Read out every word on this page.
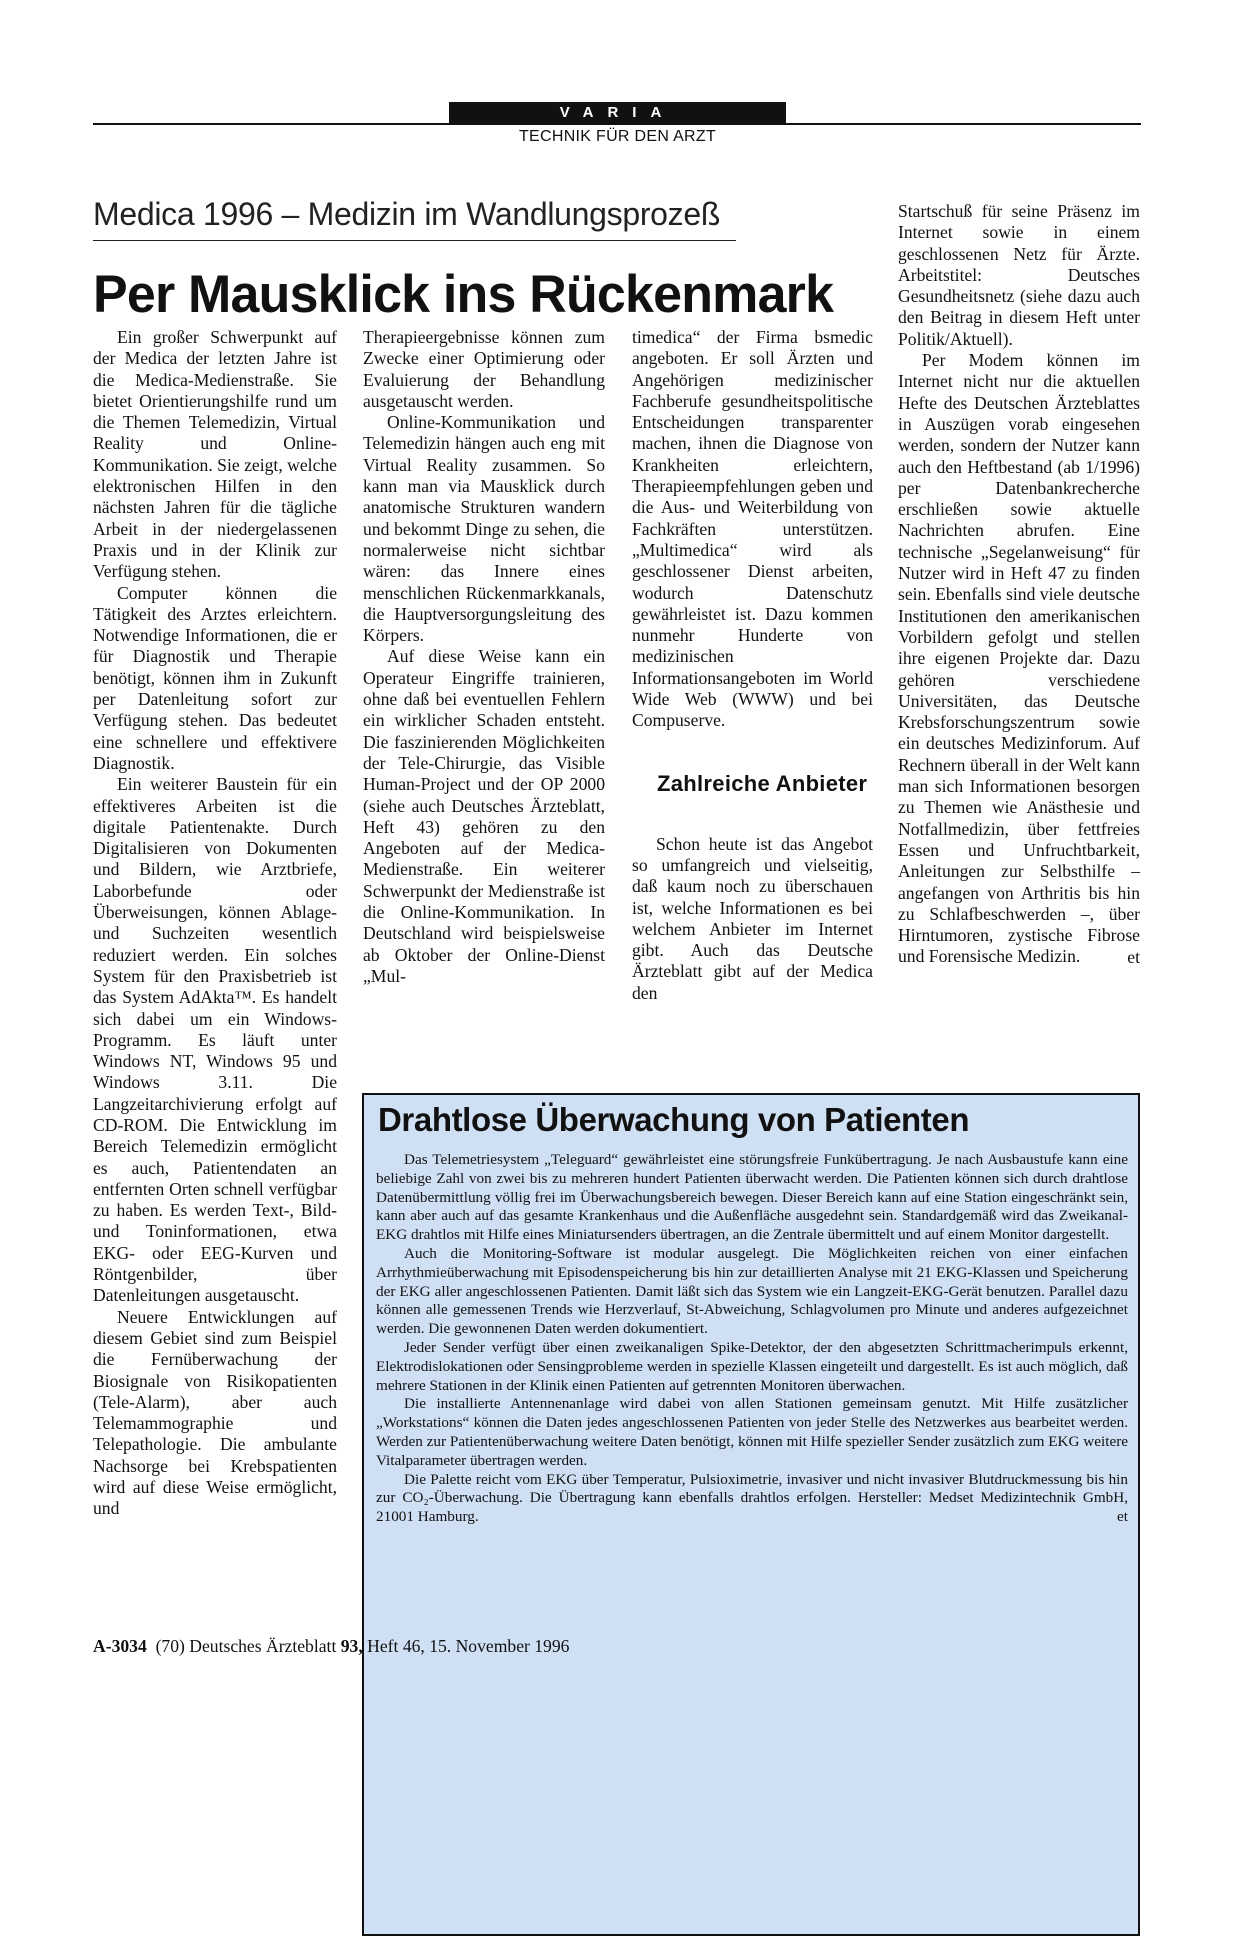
VARIA
TECHNIK FÜR DEN ARZT
Medica 1996 – Medizin im Wandlungsprozeß
Per Mausklick ins Rückenmark

Ein großer Schwerpunkt auf der Medica der letzten Jahre ist die Medica-Medienstraße. Sie bietet Orientierungshilfe rund um die Themen Telemedizin, Virtual Reality und Online-Kommunikation. Sie zeigt, welche elektronischen Hilfen in den nächsten Jahren für die tägliche Arbeit in der niedergelassenen Praxis und in der Klinik zur Verfügung stehen.

Computer können die Tätigkeit des Arztes erleichtern. Notwendige Informationen, die er für Diagnostik und Therapie benötigt, können ihm in Zukunft per Datenleitung sofort zur Verfügung stehen. Das bedeutet eine schnellere und effektivere Diagnostik.

Ein weiterer Baustein für ein effektiveres Arbeiten ist die digitale Patientenakte. Durch Digitalisieren von Dokumenten und Bildern, wie Arztbriefe, Laborbefunde oder Überweisungen, können Ablage- und Suchzeiten wesentlich reduziert werden. Ein solches System für den Praxisbetrieb ist das System AdAkta™. Es handelt sich dabei um ein Windows-Programm. Es läuft unter Windows NT, Windows 95 und Windows 3.11. Die Langzeitarchivierung erfolgt auf CD-ROM. Die Entwicklung im Bereich Telemedizin ermöglicht es auch, Patientendaten an entfernten Orten schnell verfügbar zu haben. Es werden Text-, Bild- und Toninformationen, etwa EKG- oder EEG-Kurven und Röntgenbilder, über Datenleitungen ausgetauscht.

Neuere Entwicklungen auf diesem Gebiet sind zum Beispiel die Fernüberwachung der Biosignale von Risikopatienten (Tele-Alarm), aber auch Telemammographie und Telepathologie. Die ambulante Nachsorge bei Krebspatienten wird auf diese Weise ermöglicht, und

Therapieergebnisse können zum Zwecke einer Optimierung oder Evaluierung der Behandlung ausgetauscht werden.

Online-Kommunikation und Telemedizin hängen auch eng mit Virtual Reality zusammen. So kann man via Mausklick durch anatomische Strukturen wandern und bekommt Dinge zu sehen, die normalerweise nicht sichtbar wären: das Innere eines menschlichen Rückenmarkkanals, die Hauptversorgungsleitung des Körpers.

Auf diese Weise kann ein Operateur Eingriffe trainieren, ohne daß bei eventuellen Fehlern ein wirklicher Schaden entsteht. Die faszinierenden Möglichkeiten der Tele-Chirurgie, das Visible Human-Project und der OP 2000 (siehe auch Deutsches Ärzteblatt, Heft 43) gehören zu den Angeboten auf der Medica-Medienstraße. Ein weiterer Schwerpunkt der Medienstraße ist die Online-Kommunikation. In Deutschland wird beispielsweise ab Oktober der Online-Dienst „Mul-

timedica“ der Firma bsmedic angeboten. Er soll Ärzten und Angehörigen medizinischer Fachberufe gesundheitspolitische Entscheidungen transparenter machen, ihnen die Diagnose von Krankheiten erleichtern, Therapieempfehlungen geben und die Aus- und Weiterbildung von Fachkräften unterstützen. „Multimedica“ wird als geschlossener Dienst arbeiten, wodurch Datenschutz gewährleistet ist. Dazu kommen nunmehr Hunderte von medizinischen Informationsangeboten im World Wide Web (WWW) und bei Compuserve.

Zahlreiche Anbieter

Schon heute ist das Angebot so umfangreich und vielseitig, daß kaum noch zu überschauen ist, welche Informationen es bei welchem Anbieter im Internet gibt. Auch das Deutsche Ärzteblatt gibt auf der Medica den

Startschuß für seine Präsenz im Internet sowie in einem geschlossenen Netz für Ärzte. Arbeitstitel: Deutsches Gesundheitsnetz (siehe dazu auch den Beitrag in diesem Heft unter Politik/Aktuell).

Per Modem können im Internet nicht nur die aktuellen Hefte des Deutschen Ärzteblattes in Auszügen vorab eingesehen werden, sondern der Nutzer kann auch den Heftbestand (ab 1/1996) per Datenbankrecherche erschließen sowie aktuelle Nachrichten abrufen. Eine technische „Segelanweisung“ für Nutzer wird in Heft 47 zu finden sein. Ebenfalls sind viele deutsche Institutionen den amerikanischen Vorbildern gefolgt und stellen ihre eigenen Projekte dar. Dazu gehören verschiedene Universitäten, das Deutsche Krebsforschungszentrum sowie ein deutsches Medizinforum. Auf Rechnern überall in der Welt kann man sich Informationen besorgen zu Themen wie Anästhesie und Notfallmedizin, über fettfreies Essen und Unfruchtbarkeit, Anleitungen zur Selbsthilfe – angefangen von Arthritis bis hin zu Schlafbeschwerden –, über Hirntumoren, zystische Fibrose und Forensische Medizin.	et
Drahtlose Überwachung von Patienten

Das Telemetriesystem „Teleguard“ gewährleistet eine störungsfreie Funkübertragung. Je nach Ausbaustufe kann eine beliebige Zahl von zwei bis zu mehreren hundert Patienten überwacht werden. Die Patienten können sich durch drahtlose Datenübermittlung völlig frei im Überwachungsbereich bewegen. Dieser Bereich kann auf eine Station eingeschränkt sein, kann aber auch auf das gesamte Krankenhaus und die Außenfläche ausgedehnt sein. Standardgemäß wird das Zweikanal-EKG drahtlos mit Hilfe eines Miniatursenders übertragen, an die Zentrale übermittelt und auf einem Monitor dargestellt.

Auch die Monitoring-Software ist modular ausgelegt. Die Möglichkeiten reichen von einer einfachen Arrhythmieüberwachung mit Episodenspeicherung bis hin zur detaillierten Analyse mit 21 EKG-Klassen und Speicherung der EKG aller angeschlossenen Patienten. Damit läßt sich das System wie ein Langzeit-EKG-Gerät benutzen. Parallel dazu können alle gemessenen Trends wie Herzverlauf, St-Abweichung, Schlagvolumen pro Minute und anderes aufgezeichnet werden. Die gewonnenen Daten werden dokumentiert.

Jeder Sender verfügt über einen zweikanaligen Spike-Detektor, der den abgesetzten Schrittmacherimpuls erkennt, Elektrodislokationen oder Sensingprobleme werden in spezielle Klassen eingeteilt und dargestellt. Es ist auch möglich, daß mehrere Stationen in der Klinik einen Patienten auf getrennten Monitoren überwachen.

Die installierte Antennenanlage wird dabei von allen Stationen gemeinsam genutzt. Mit Hilfe zusätzlicher „Workstations“ können die Daten jedes angeschlossenen Patienten von jeder Stelle des Netzwerkes aus bearbeitet werden. Werden zur Patientenüberwachung weitere Daten benötigt, können mit Hilfe spezieller Sender zusätzlich zum EKG weitere Vitalparameter übertragen werden.

Die Palette reicht vom EKG über Temperatur, Pulsioximetrie, invasiver und nicht invasiver Blutdruckmessung bis hin zur CO₂-Überwachung. Die Übertragung kann ebenfalls drahtlos erfolgen. Hersteller: Medset Medizintechnik GmbH, 21001 Hamburg.	et
A-3034 (70) Deutsches Ärzteblatt 93, Heft 46, 15. November 1996
